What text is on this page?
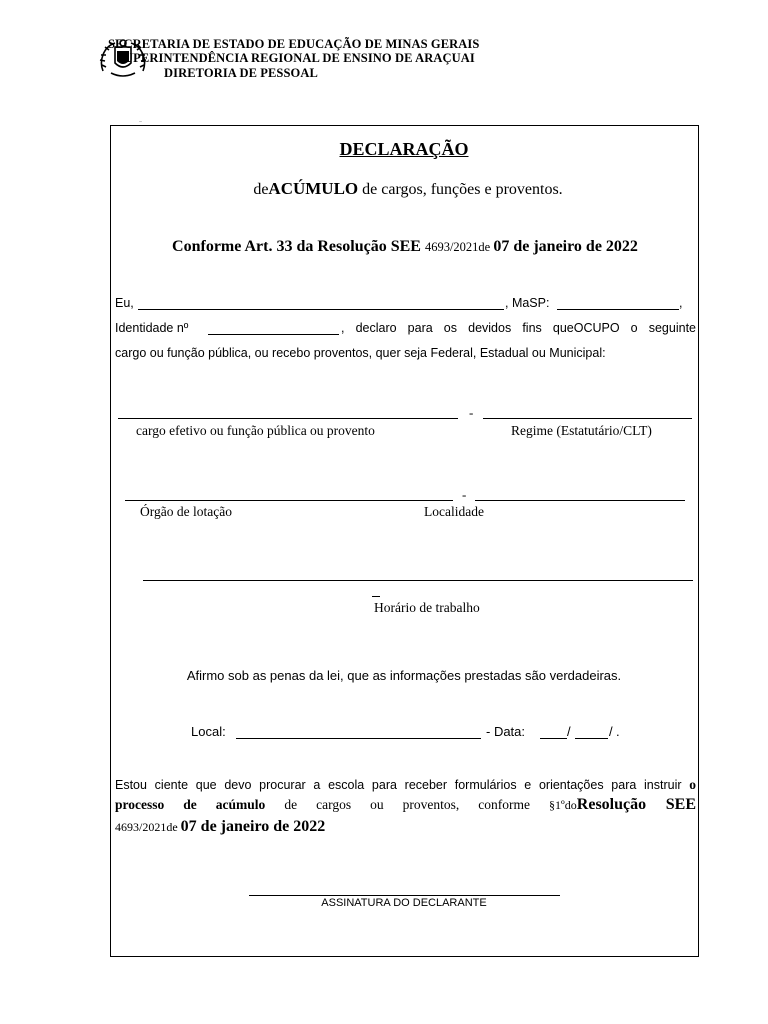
SECRETARIA DE ESTADO DE EDUCAÇÃO DE MINAS GERAIS
SUPERINTENDÊNCIA REGIONAL DE ENSINO DE ARAÇUAI
DIRETORIA DE PESSOAL
ˉ
DECLARAÇÃO
deACÚMULO de cargos, funções e proventos.
Conforme Art. 33 da Resolução SEE 4693/2021de 07 de janeiro de 2022
Eu,	, MaSP:	,
Identidade nº	, declaro para os devidos fins queOCUPO o seguinte
cargo ou função pública, ou recebo proventos, quer seja Federal, Estadual ou Municipal:
-
cargo efetivo ou função pública ou provento	Regime (Estatutário/CLT)
-
Órgão de lotação	Localidade
Horário de trabalho
Afirmo sob as penas da lei, que as informações prestadas são verdadeiras.
Local:	- Data:	/	/ .

Estou ciente que devo procurar a escola para receber formulários e orientações para instruir o

processo de acúmulo de cargos ou proventos, conforme §1ºdoResolução SEE

4693/2021de 07 de janeiro de 2022

ASSINATURA DO DECLARANTE
